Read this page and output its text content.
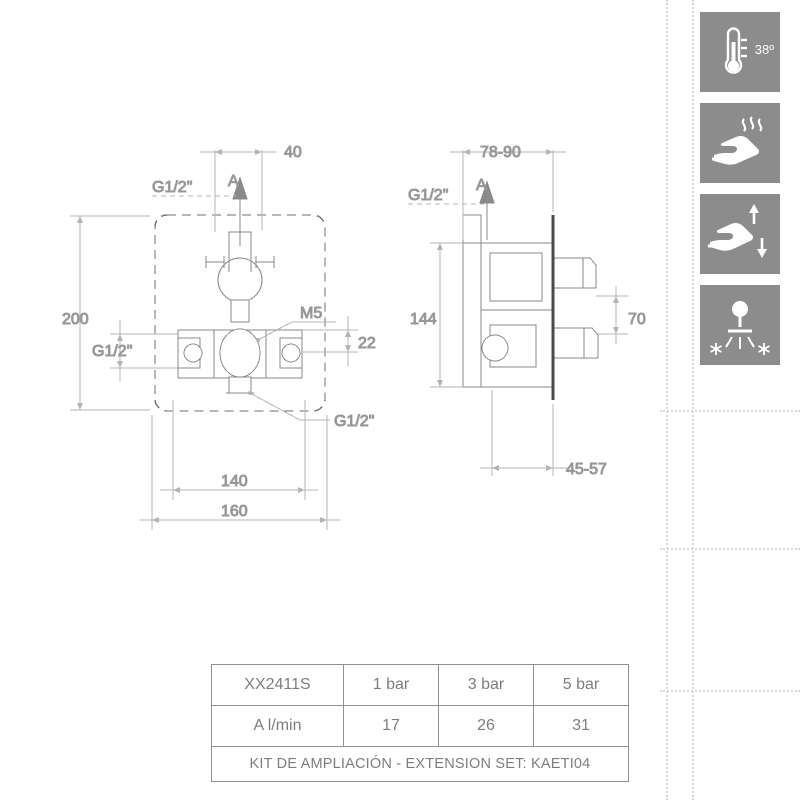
A
40
G1/2"
G1/2"
M5
22
G1/2"
200
140
160
A
78-90
G1/2"
144	70
45-57
XX2411S	1 bar	3 bar	5 bar
A l/min	17	26	31
KIT DE AMPLIACIÓN - EXTENSION SET: KAETI04			
38º
